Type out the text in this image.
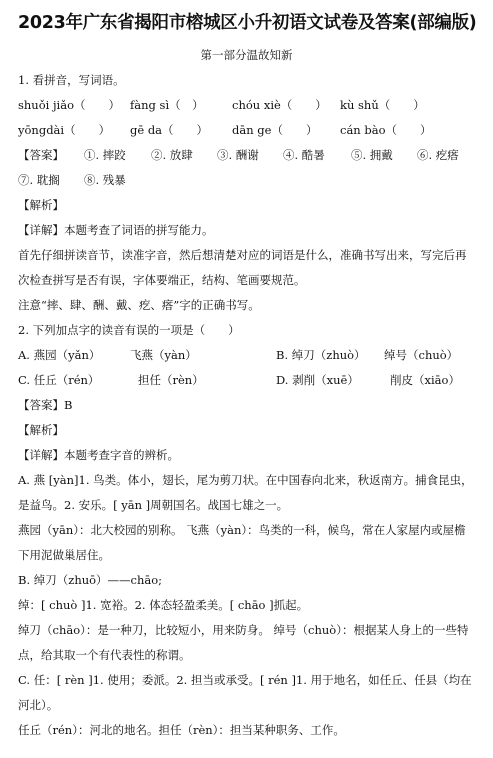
2023年广东省揭阳市榕城区小升初语文试卷及答案(部编版)
第一部分温故知新
1. 看拼音，写词语。
shuǒi jiǎo（　　） fàng sì（　）	chóu xiè（　　）	kù shǔ（　　）
yōngdài（　　）	gē da（　　）	dān ge（　　）	cán bào（　　）
【答案】	①. 摔跤	②. 放肆	③. 酬谢	④. 酷暑	⑤. 拥戴	⑥. 疙瘩
⑦. 耽搁	⑧. 残暴
【解析】
【详解】本题考查了词语的拼写能力。
首先仔细拼读音节，读准字音，然后想清楚对应的词语是什么，准确书写出来，写完后再次检查拼写是否有误，字体要端正，结构、笔画要规范。
注意“摔、肆、酬、戴、疙、瘩”字的正确书写。
2. 下列加点字的读音有误的一项是（　　）
A. 燕园（yǎn）	飞燕（yàn）	B. 绰刀（zhuò） 绰号（chuò）
C. 任丘（rén）	担任（rèn）	D. 剥削（xuē）	削皮（xiāo）
【答案】B
【解析】
【详解】本题考查字音的辨析。
A. 燕 [yàn]1. 鸟类。体小，翅长，尾为剪刀状。在中国春向北来，秋返南方。捕食昆虫，是益鸟。2. 安乐。[ yān ]周朝国名。战国七雄之一。
燕园（yān）：北大校园的别称。 飞燕（yàn）：鸟类的一科，候鸟，常在人家屋内或屋檐下用泥做巢居住。
B. 绰刀（zhuō）——chāo;
绰：[ chuò ]1. 宽裕。2. 体态轻盈柔美。[ chāo ]抓起。
绰刀（chāo）：是一种刀，比较短小，用来防身。 绰号（chuò）：根据某人身上的一些特点，给其取一个有代表性的称谓。
C. 任：[ rèn ]1. 使用；委派。2. 担当或承受。[ rén ]1. 用于地名，如任丘、任县（均在河北）。
任丘（rén）：河北的地名。担任（rèn）：担当某种职务、工作。
